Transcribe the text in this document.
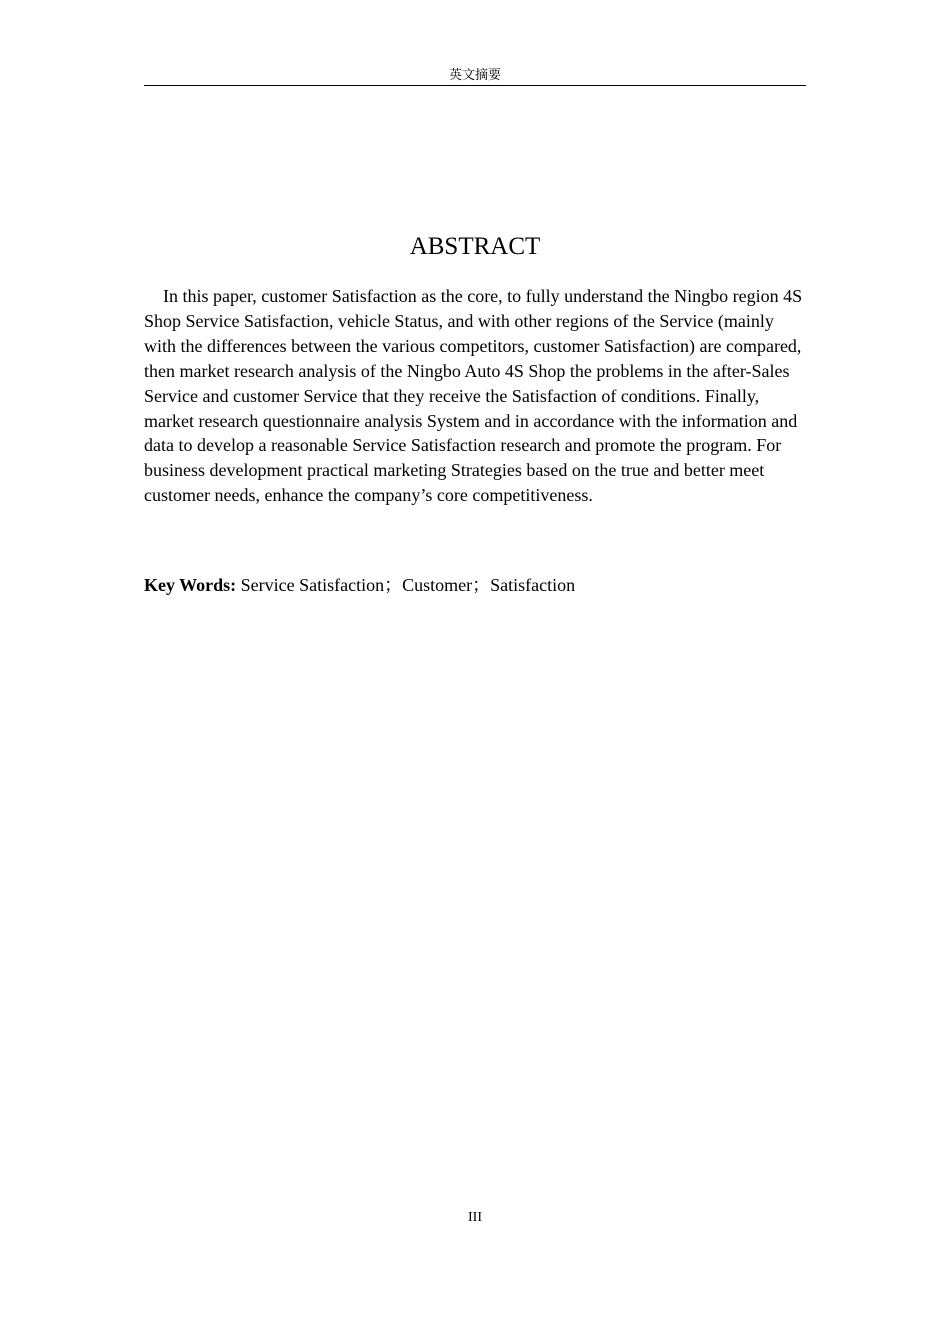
英文摘要
ABSTRACT

In this paper, customer Satisfaction as the core, to fully understand the Ningbo region 4S Shop Service Satisfaction, vehicle Status, and with other regions of the Service (mainly with the differences between the various competitors, customer Satisfaction) are compared, then market research analysis of the Ningbo Auto 4S Shop the problems in the after-Sales Service and customer Service that they receive the Satisfaction of conditions. Finally, market research questionnaire analysis System and in accordance with the information and data to develop a reasonable Service Satisfaction research and promote the program. For business development practical marketing Strategies based on the true and better meet customer needs, enhance the company’s core competitiveness.

Key Words: Service Satisfaction；Customer；Satisfaction

III
